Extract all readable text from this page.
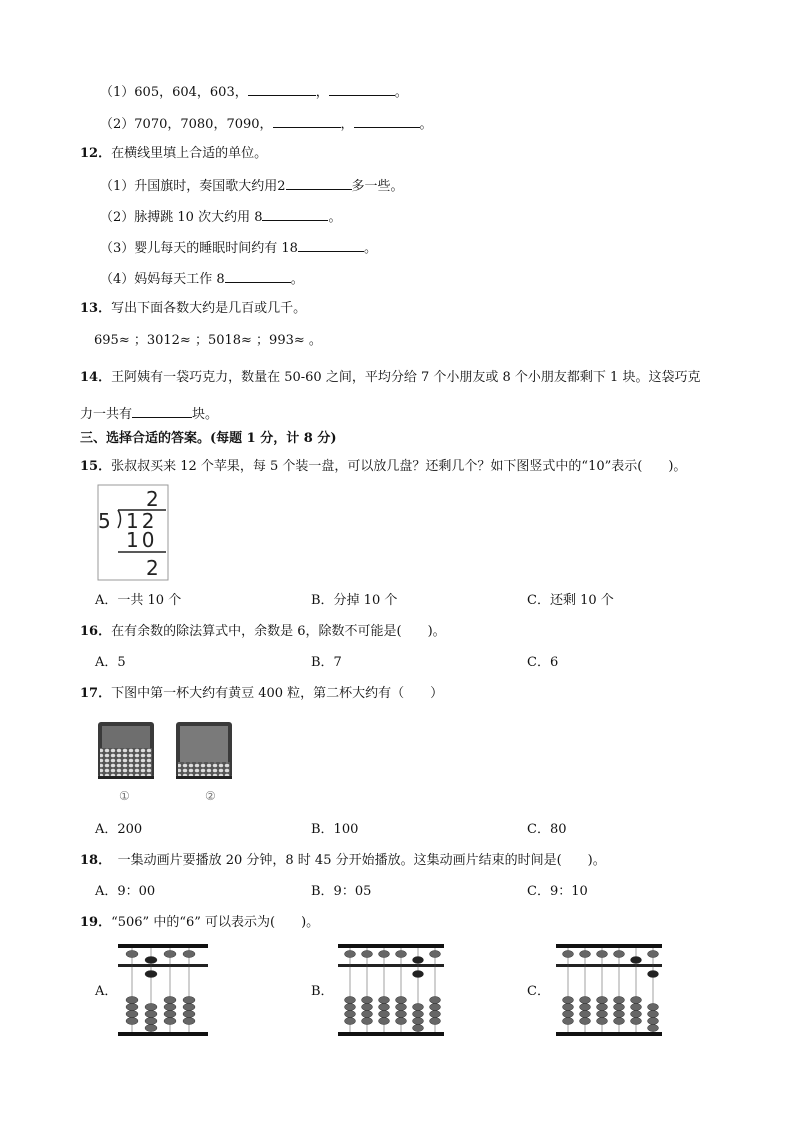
（1）605，604，603，	，	。
（2）7070，7080，7090，	，	。
12．在横线里填上合适的单位。
（1）升国旗时，奏国歌大约用2	多一些。
（2）脉搏跳 10 次大约用 8	。
（3）婴儿每天的睡眠时间约有 18	。
（4）妈妈每天工作 8	。
13．写出下面各数大约是几百或几千。
695≈ ；3012≈ ；5018≈ ；993≈ 。
14．王阿姨有一袋巧克力，数量在 50-60 之间，平均分给 7 个小朋友或 8 个小朋友都剩下 1 块。这袋巧克
力一共有	块。
三、选择合适的答案。(每题 1 分，计 8 分)
15．张叔叔买来 12 个苹果，每 5 个装一盘，可以放几盘？还剩几个？如下图竖式中的“10”表示(　　)。
2
5 12
10
2
A．一共 10 个	B．分掉 10 个	C．还剩 10 个
16．在有余数的除法算式中，余数是 6，除数不可能是(　　)。
A．5	B．7	C．6
17．下图中第一杯大约有黄豆 400 粒，第二杯大约有（　　）
①	②
A．200	B．100	C．80
18．　一集动画片要播放 20 分钟，8 时 45 分开始播放。这集动画片结束的时间是(　　)。
A．9：00	B．9：05	C．9：10
19．“506” 中的“6” 可以表示为(　　)。
A．	B．	C．
